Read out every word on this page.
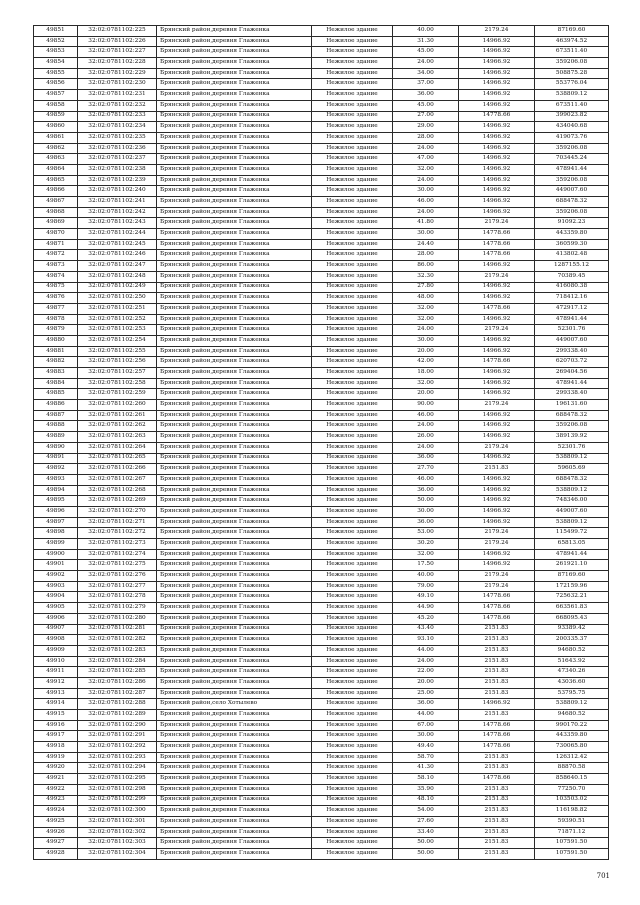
49851	32:02:0781102:225	Брянский район,деревня Глаженка	Нежилое здание	40.00	2179.24	87169.60
49852	32:02:0781102:226	Брянский район,деревня Глаженка	Нежилое здание	31.30	14966.92	463974.52
49853	32:02:0781102:227	Брянский район,деревня Глаженка	Нежилое здание	45.00	14966.92	673511.40
49854	32:02:0781102:228	Брянский район,деревня Глаженка	Нежилое здание	24.00	14966.92	359206.08
49855	32:02:0781102:229	Брянский район,деревня Глаженка	Нежилое здание	34.00	14966.92	508875.28
49856	32:02:0781102:230	Брянский район,деревня Глаженка	Нежилое здание	37.00	14966.92	553776.04
49857	32:02:0781102:231	Брянский район,деревня Глаженка	Нежилое здание	36.00	14966.92	538809.12
49858	32:02:0781102:232	Брянский район,деревня Глаженка	Нежилое здание	45.00	14966.92	673511.40
49859	32:02:0781102:233	Брянский район,деревня Глаженка	Нежилое здание	27.00	14778.66	399023.82
49860	32:02:0781102:234	Брянский район,деревня Глаженка	Нежилое здание	29.00	14966.92	434040.68
49861	32:02:0781102:235	Брянский район,деревня Глаженка	Нежилое здание	28.00	14966.92	419073.76
49862	32:02:0781102:236	Брянский район,деревня Глаженка	Нежилое здание	24.00	14966.92	359206.08
49863	32:02:0781102:237	Брянский район,деревня Глаженка	Нежилое здание	47.00	14966.92	703445.24
49864	32:02:0781102:238	Брянский район,деревня Глаженка	Нежилое здание	32.00	14966.92	478941.44
49865	32:02:0781102:239	Брянский район,деревня Глаженка	Нежилое здание	24.00	14966.92	359206.08
49866	32:02:0781102:240	Брянский район,деревня Глаженка	Нежилое здание	30.00	14966.92	449007.60
49867	32:02:0781102:241	Брянский район,деревня Глаженка	Нежилое здание	46.00	14966.92	688478.32
49868	32:02:0781102:242	Брянский район,деревня Глаженка	Нежилое здание	24.00	14966.92	359206.08
49869	32:02:0781102:243	Брянский район,деревня Глаженка	Нежилое здание	41.80	2179.24	91092.23
49870	32:02:0781102:244	Брянский район,деревня Глаженка	Нежилое здание	30.00	14778.66	443359.80
49871	32:02:0781102:245	Брянский район,деревня Глаженка	Нежилое здание	24.40	14778.66	360599.30
49872	32:02:0781102:246	Брянский район,деревня Глаженка	Нежилое здание	28.00	14778.66	413802.48
49873	32:02:0781102:247	Брянский район,деревня Глаженка	Нежилое здание	86.00	14966.92	1287155.12
49874	32:02:0781102:248	Брянский район,деревня Глаженка	Нежилое здание	32.30	2179.24	70389.45
49875	32:02:0781102:249	Брянский район,деревня Глаженка	Нежилое здание	27.80	14966.92	416080.38
49876	32:02:0781102:250	Брянский район,деревня Глаженка	Нежилое здание	48.00	14966.92	718412.16
49877	32:02:0781102:251	Брянский район,деревня Глаженка	Нежилое здание	32.00	14778.66	472917.12
49878	32:02:0781102:252	Брянский район,деревня Глаженка	Нежилое здание	32.00	14966.92	478941.44
49879	32:02:0781102:253	Брянский район,деревня Глаженка	Нежилое здание	24.00	2179.24	52301.76
49880	32:02:0781102:254	Брянский район,деревня Глаженка	Нежилое здание	30.00	14966.92	449007.60
49881	32:02:0781102:255	Брянский район,деревня Глаженка	Нежилое здание	20.00	14966.92	299338.40
49882	32:02:0781102:256	Брянский район,деревня Глаженка	Нежилое здание	42.00	14778.66	620703.72
49883	32:02:0781102:257	Брянский район,деревня Глаженка	Нежилое здание	18.00	14966.92	269404.56
49884	32:02:0781102:258	Брянский район,деревня Глаженка	Нежилое здание	32.00	14966.92	478941.44
49885	32:02:0781102:259	Брянский район,деревня Глаженка	Нежилое здание	20.00	14966.92	299338.40
49886	32:02:0781102:260	Брянский район,деревня Глаженка	Нежилое здание	90.00	2179.24	196131.60
49887	32:02:0781102:261	Брянский район,деревня Глаженка	Нежилое здание	46.00	14966.92	688478.32
49888	32:02:0781102:262	Брянский район,деревня Глаженка	Нежилое здание	24.00	14966.92	359206.08
49889	32:02:0781102:263	Брянский район,деревня Глаженка	Нежилое здание	26.00	14966.92	389139.92
49890	32:02:0781102:264	Брянский район,деревня Глаженка	Нежилое здание	24.00	2179.24	52301.76
49891	32:02:0781102:265	Брянский район,деревня Глаженка	Нежилое здание	36.00	14966.92	538809.12
49892	32:02:0781102:266	Брянский район,деревня Глаженка	Нежилое здание	27.70	2151.83	59605.69
49893	32:02:0781102:267	Брянский район,деревня Глаженка	Нежилое здание	46.00	14966.92	688478.32
49894	32:02:0781102:268	Брянский район,деревня Глаженка	Нежилое здание	36.00	14966.92	538809.12
49895	32:02:0781102:269	Брянский район,деревня Глаженка	Нежилое здание	50.00	14966.92	748346.00
49896	32:02:0781102:270	Брянский район,деревня Глаженка	Нежилое здание	30.00	14966.92	449007.60
49897	32:02:0781102:271	Брянский район,деревня Глаженка	Нежилое здание	36.00	14966.92	538809.12
49898	32:02:0781102:272	Брянский район,деревня Глаженка	Нежилое здание	53.00	2179.24	115499.72
49899	32:02:0781102:273	Брянский район,деревня Глаженка	Нежилое здание	30.20	2179.24	65813.05
49900	32:02:0781102:274	Брянский район,деревня Глаженка	Нежилое здание	32.00	14966.92	478941.44
49901	32:02:0781102:275	Брянский район,деревня Глаженка	Нежилое здание	17.50	14966.92	261921.10
49902	32:02:0781102:276	Брянский район,деревня Глаженка	Нежилое здание	40.00	2179.24	87169.60
49903	32:02:0781102:277	Брянский район,деревня Глаженка	Нежилое здание	79.00	2179.24	172159.96
49904	32:02:0781102:278	Брянский район,деревня Глаженка	Нежилое здание	49.10	14778.66	725632.21
49905	32:02:0781102:279	Брянский район,деревня Глаженка	Нежилое здание	44.90	14778.66	663561.83
49906	32:02:0781102:280	Брянский район,деревня Глаженка	Нежилое здание	45.20	14778.66	668095.43
49907	32:02:0781102:281	Брянский район,деревня Глаженка	Нежилое здание	43.40	2151.83	93389.42
49908	32:02:0781102:282	Брянский район,деревня Глаженка	Нежилое здание	93.10	2151.83	200335.37
49909	32:02:0781102:283	Брянский район,деревня Глаженка	Нежилое здание	44.00	2151.83	94680.52
49910	32:02:0781102:284	Брянский район,деревня Глаженка	Нежилое здание	24.00	2151.83	51643.92
49911	32:02:0781102:285	Брянский район,деревня Глаженка	Нежилое здание	22.00	2151.83	47340.26
49912	32:02:0781102:286	Брянский район,деревня Глаженка	Нежилое здание	20.00	2151.83	43036.60
49913	32:02:0781102:287	Брянский район,деревня Глаженка	Нежилое здание	25.00	2151.83	53795.75
49914	32:02:0781102:288	Брянский район,село Хотылево	Нежилое здание	36.00	14966.92	538809.12
49915	32:02:0781102:289	Брянский район,деревня Глаженка	Нежилое здание	44.00	2151.83	94680.52
49916	32:02:0781102:290	Брянский район,деревня Глаженка	Нежилое здание	67.00	14778.66	990170.22
49917	32:02:0781102:291	Брянский район,деревня Глаженка	Нежилое здание	30.00	14778.66	443359.80
49918	32:02:0781102:292	Брянский район,деревня Глаженка	Нежилое здание	49.40	14778.66	730065.80
49919	32:02:0781102:293	Брянский район,деревня Глаженка	Нежилое здание	58.70	2151.83	126312.42
49920	32:02:0781102:294	Брянский район,деревня Глаженка	Нежилое здание	41.30	2151.83	88870.58
49921	32:02:0781102:295	Брянский район,деревня Глаженка	Нежилое здание	58.10	14778.66	858640.15
49922	32:02:0781102:298	Брянский район,деревня Глаженка	Нежилое здание	35.90	2151.83	77250.70
49923	32:02:0781102:299	Брянский район,деревня Глаженка	Нежилое здание	48.10	2151.83	103503.02
49924	32:02:0781102:300	Брянский район,деревня Глаженка	Нежилое здание	54.00	2151.83	116198.82
49925	32:02:0781102:301	Брянский район,деревня Глаженка	Нежилое здание	27.60	2151.83	59390.51
49926	32:02:0781102:302	Брянский район,деревня Глаженка	Нежилое здание	33.40	2151.83	71871.12
49927	32:02:0781102:303	Брянский район,деревня Глаженка	Нежилое здание	50.00	2151.83	107591.50
49928	32:02:0781102:304	Брянский район,деревня Глаженка	Нежилое здание	50.00	2151.83	107591.50
701
